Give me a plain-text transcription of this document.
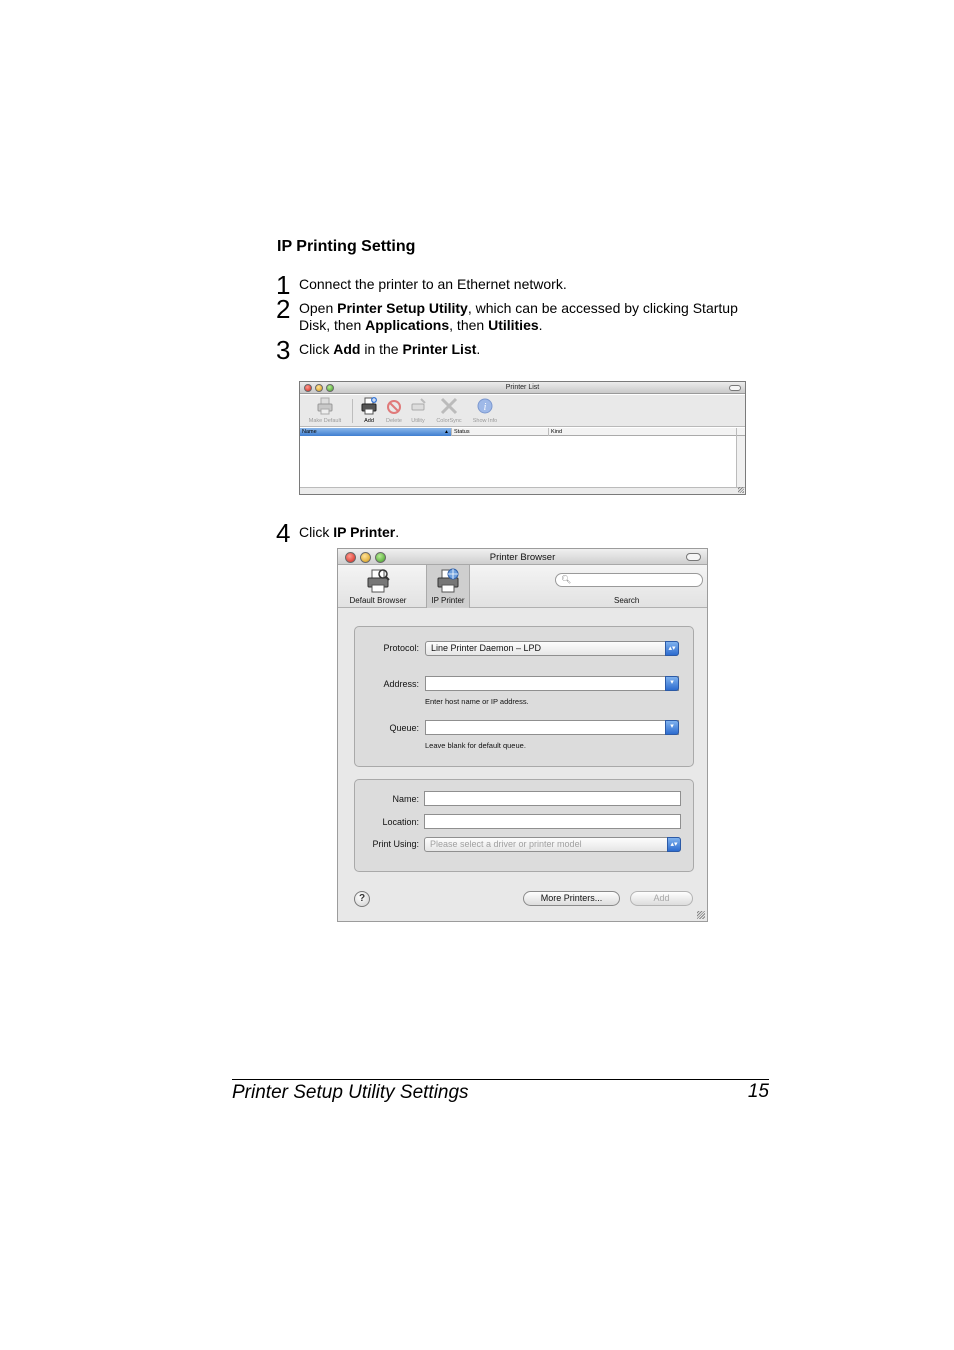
IP Printing Setting
1 Connect the printer to an Ethernet network.
2 Open Printer Setup Utility, which can be accessed by clicking Startup Disk, then Applications, then Utilities.
3 Click Add in the Printer List.
4 Click IP Printer.
Printer List
Make Default	Add	Delete	Utility	ColorSync
i
Show Info
Name	▲ Status	Kind
Printer Browser
Default Browser	IP Printer
🔍︎
Search
Protocol:	Line Printer Daemon – LPD	▴▾
Address:	▾
Enter host name or IP address.
Queue:	▾
Leave blank for default queue.
Name:
Location:
Print Using:	Please select a driver or printer model	▴▾
?	More Printers...	Add
Printer Setup Utility Settings	15
